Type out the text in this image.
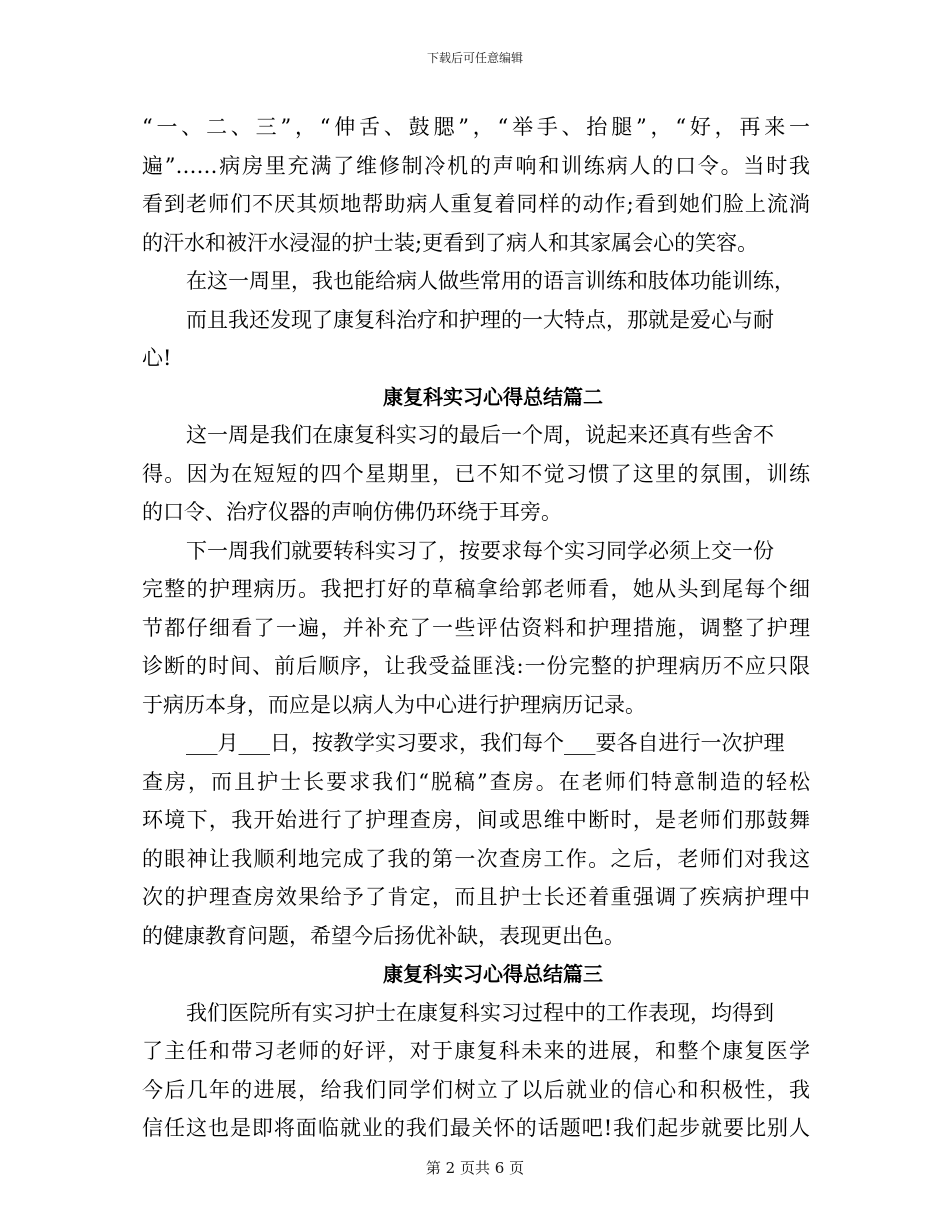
下载后可任意编辑
“一、二、三”，“伸舌、鼓腮”，“举手、抬腿”，“好，再来一
遍”……病房里充满了维修制冷机的声响和训练病人的口令。当时我
看到老师们不厌其烦地帮助病人重复着同样的动作;看到她们脸上流淌
的汗水和被汗水浸湿的护士装;更看到了病人和其家属会心的笑容。
在这一周里，我也能给病人做些常用的语言训练和肢体功能训练，
而且我还发现了康复科治疗和护理的一大特点，那就是爱心与耐
心!
康复科实习心得总结篇二
这一周是我们在康复科实习的最后一个周，说起来还真有些舍不
得。因为在短短的四个星期里，已不知不觉习惯了这里的氛围，训练
的口令、治疗仪器的声响仿佛仍环绕于耳旁。
下一周我们就要转科实习了，按要求每个实习同学必须上交一份
完整的护理病历。我把打好的草稿拿给郭老师看，她从头到尾每个细
节都仔细看了一遍，并补充了一些评估资料和护理措施，调整了护理
诊断的时间、前后顺序，让我受益匪浅:一份完整的护理病历不应只限
于病历本身，而应是以病人为中心进行护理病历记录。
___月___日，按教学实习要求，我们每个___要各自进行一次护理
查房，而且护士长要求我们“脱稿”查房。在老师们特意制造的轻松
环境下，我开始进行了护理查房，间或思维中断时，是老师们那鼓舞
的眼神让我顺利地完成了我的第一次查房工作。之后，老师们对我这
次的护理查房效果给予了肯定，而且护士长还着重强调了疾病护理中
的健康教育问题，希望今后扬优补缺，表现更出色。
康复科实习心得总结篇三
我们医院所有实习护士在康复科实习过程中的工作表现，均得到
了主任和带习老师的好评，对于康复科未来的进展，和整个康复医学
今后几年的进展，给我们同学们树立了以后就业的信心和积极性，我
信任这也是即将面临就业的我们最关怀的话题吧!我们起步就要比别人
第 2 页共 6 页
